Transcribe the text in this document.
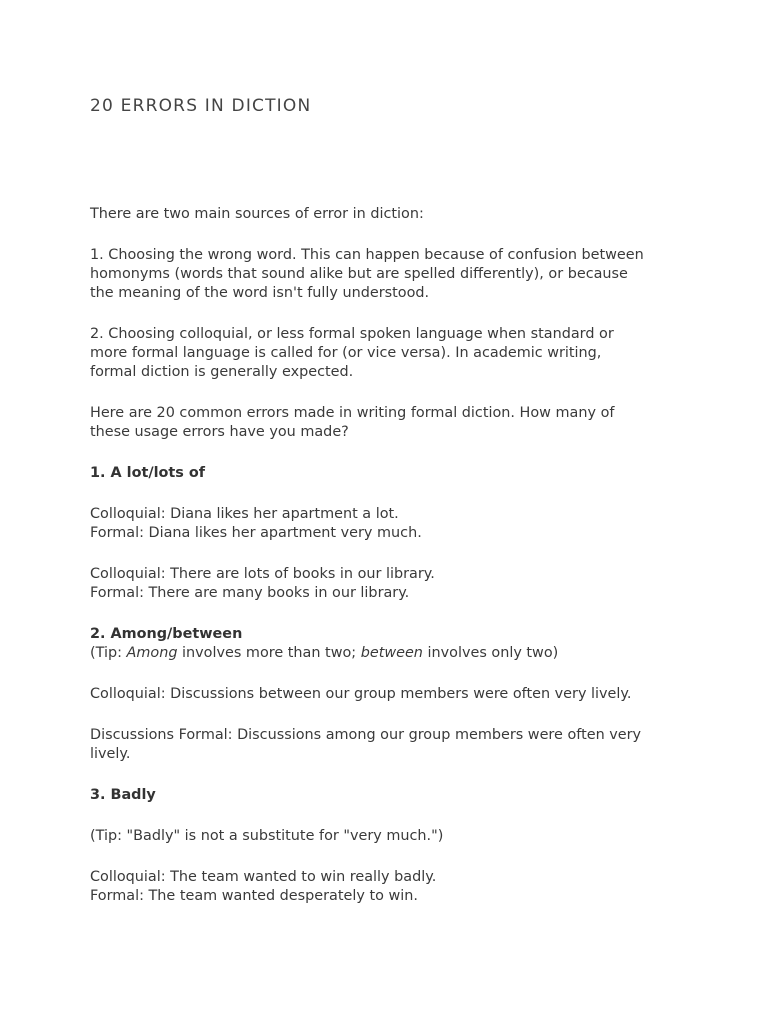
20 ERRORS IN DICTION

There are two main sources of error in diction:

1. Choosing the wrong word. This can happen because of confusion between
homonyms (words that sound alike but are spelled differently), or because
the meaning of the word isn't fully understood.

2. Choosing colloquial, or less formal spoken language when standard or
more formal language is called for (or vice versa). In academic writing,
formal diction is generally expected.

Here are 20 common errors made in writing formal diction. How many of
these usage errors have you made?

1. A lot/lots of

Colloquial: Diana likes her apartment a lot.
Formal: Diana likes her apartment very much.

Colloquial: There are lots of books in our library.
Formal: There are many books in our library.

2. Among/between
(Tip: Among involves more than two; between involves only two)

Colloquial: Discussions between our group members were often very lively.

Discussions Formal: Discussions among our group members were often very
lively.

3. Badly

(Tip: "Badly" is not a substitute for "very much.")

Colloquial: The team wanted to win really badly.
Formal: The team wanted desperately to win.
